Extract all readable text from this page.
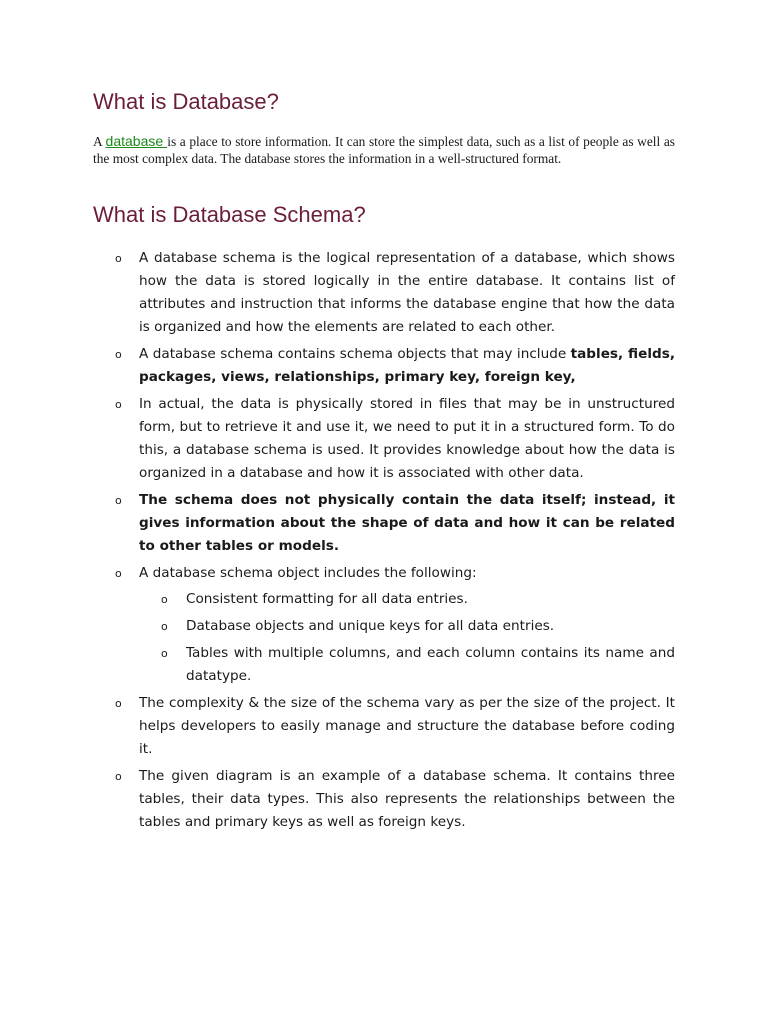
What is Database?

A database is a place to store information. It can store the simplest data, such as a list of people as well as the most complex data. The database stores the information in a well-structured format.

What is Database Schema?
o A database schema is the logical representation of a database, which shows how the data is stored logically in the entire database. It contains list of attributes and instruction that informs the database engine that how the data is organized and how the elements are related to each other.
o A database schema contains schema objects that may include tables, fields, packages, views, relationships, primary key, foreign key,
o In actual, the data is physically stored in files that may be in unstructured form, but to retrieve it and use it, we need to put it in a structured form. To do this, a database schema is used. It provides knowledge about how the data is organized in a database and how it is associated with other data.
o The schema does not physically contain the data itself; instead, it gives information about the shape of data and how it can be related to other tables or models.
o A database schema object includes the following:
o Consistent formatting for all data entries.
o Database objects and unique keys for all data entries.
o Tables with multiple columns, and each column contains its name and datatype.
o The complexity & the size of the schema vary as per the size of the project. It helps developers to easily manage and structure the database before coding it.
o The given diagram is an example of a database schema. It contains three tables, their data types. This also represents the relationships between the tables and primary keys as well as foreign keys.
